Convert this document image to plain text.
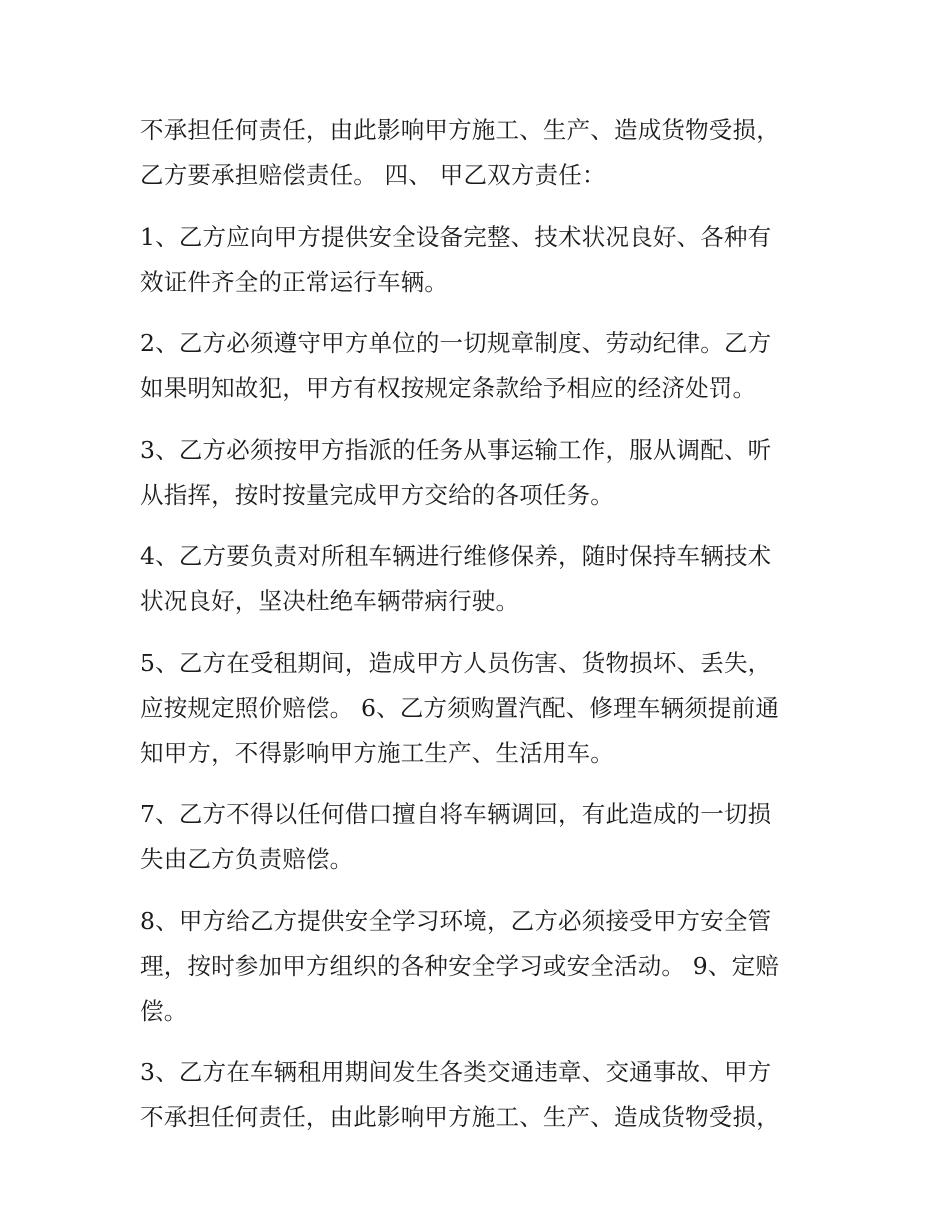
不承担任何责任，由此影响甲方施工、生产、造成货物受损，
乙方要承担赔偿责任。 四、 甲乙双方责任：
1、乙方应向甲方提供安全设备完整、技术状况良好、各种有
效证件齐全的正常运行车辆。
2、乙方必须遵守甲方单位的一切规章制度、劳动纪律。乙方
如果明知故犯，甲方有权按规定条款给予相应的经济处罚。
3、乙方必须按甲方指派的任务从事运输工作，服从调配、听
从指挥，按时按量完成甲方交给的各项任务。
4、乙方要负责对所租车辆进行维修保养，随时保持车辆技术
状况良好，坚决杜绝车辆带病行驶。
5、乙方在受租期间，造成甲方人员伤害、货物损坏、丢失，
应按规定照价赔偿。 6、乙方须购置汽配、修理车辆须提前通
知甲方，不得影响甲方施工生产、生活用车。
7、乙方不得以任何借口擅自将车辆调回，有此造成的一切损
失由乙方负责赔偿。
8、甲方给乙方提供安全学习环境，乙方必须接受甲方安全管
理，按时参加甲方组织的各种安全学习或安全活动。 9、定赔
偿。
3、乙方在车辆租用期间发生各类交通违章、交通事故、甲方
不承担任何责任，由此影响甲方施工、生产、造成货物受损，
